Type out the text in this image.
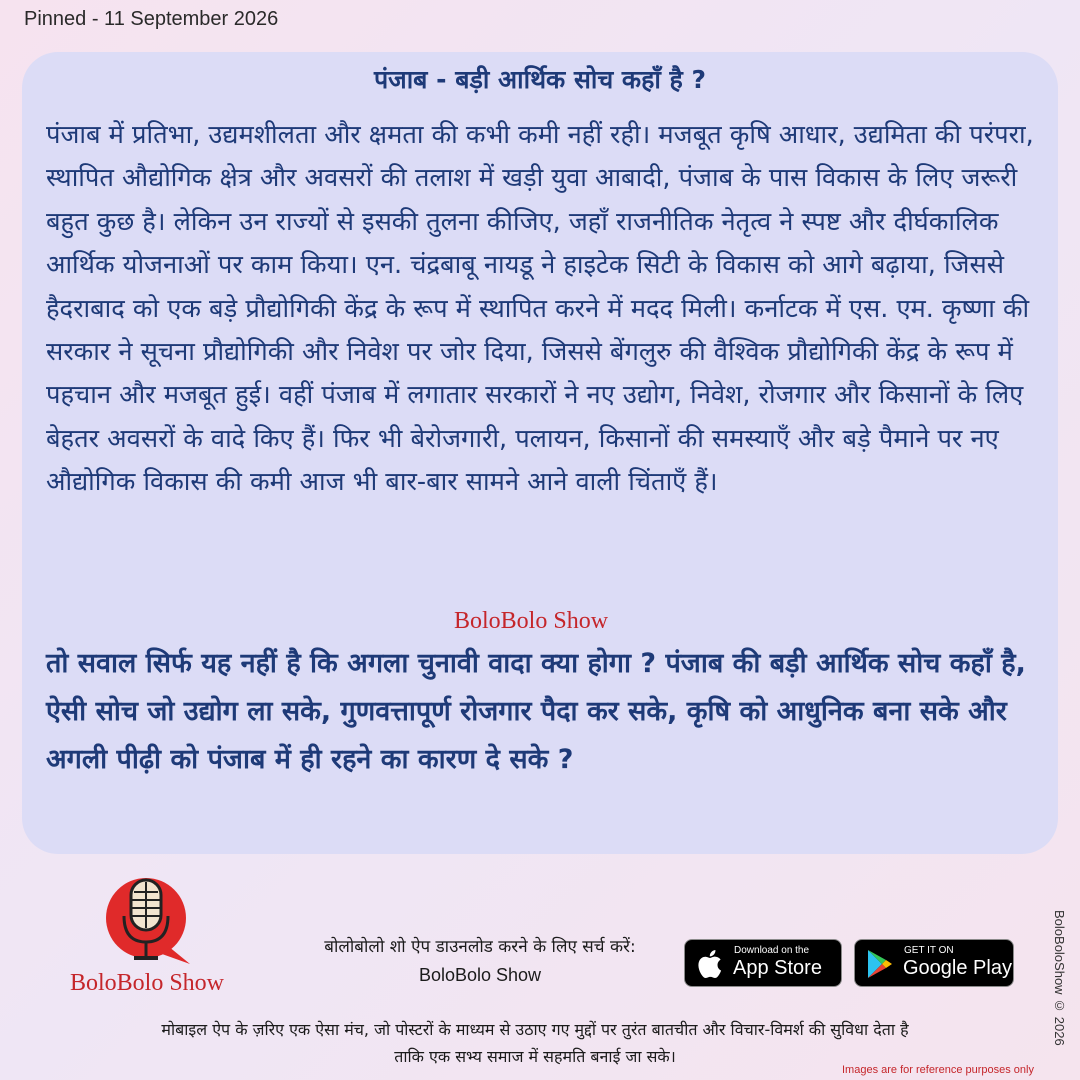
Pinned - 11 September 2026
पंजाब - बड़ी आर्थिक सोच कहाँ है ?
पंजाब में प्रतिभा, उद्यमशीलता और क्षमता की कभी कमी नहीं रही। मजबूत कृषि आधार, उद्यमिता की परंपरा, स्थापित औद्योगिक क्षेत्र और अवसरों की तलाश में खड़ी युवा आबादी, पंजाब के पास विकास के लिए जरूरी बहुत कुछ है। लेकिन उन राज्यों से इसकी तुलना कीजिए, जहाँ राजनीतिक नेतृत्व ने स्पष्ट और दीर्घकालिक आर्थिक योजनाओं पर काम किया। एन. चंद्रबाबू नायडू ने हाइटेक सिटी के विकास को आगे बढ़ाया, जिससे हैदराबाद को एक बड़े प्रौद्योगिकी केंद्र के रूप में स्थापित करने में मदद मिली। कर्नाटक में एस. एम. कृष्णा की सरकार ने सूचना प्रौद्योगिकी और निवेश पर जोर दिया, जिससे बेंगलुरु की वैश्विक प्रौद्योगिकी केंद्र के रूप में पहचान और मजबूत हुई। वहीं पंजाब में लगातार सरकारों ने नए उद्योग, निवेश, रोजगार और किसानों के लिए बेहतर अवसरों के वादे किए हैं। फिर भी बेरोजगारी, पलायन, किसानों की समस्याएँ और बड़े पैमाने पर नए औद्योगिक विकास की कमी आज भी बार-बार सामने आने वाली चिंताएँ हैं।
BoloBolo Show
तो सवाल सिर्फ यह नहीं है कि अगला चुनावी वादा क्या होगा ? पंजाब की बड़ी आर्थिक सोच कहाँ है, ऐसी सोच जो उद्योग ला सके, गुणवत्तापूर्ण रोजगार पैदा कर सके, कृषि को आधुनिक बना सके और अगली पीढ़ी को पंजाब में ही रहने का कारण दे सके ?
BoloBolo Show
बोलोबोलो शो ऐप डाउनलोड करने के लिए सर्च करें:
BoloBolo Show
Download on the
App Store
GET IT ON
Google Play
मोबाइल ऐप के ज़रिए एक ऐसा मंच, जो पोस्टरों के माध्यम से उठाए गए मुद्दों पर तुरंत बातचीत और विचार-विमर्श की सुविधा देता है
ताकि एक सभ्य समाज में सहमति बनाई जा सके।
Images are for reference purposes only
BoloBoloShow © 2026
